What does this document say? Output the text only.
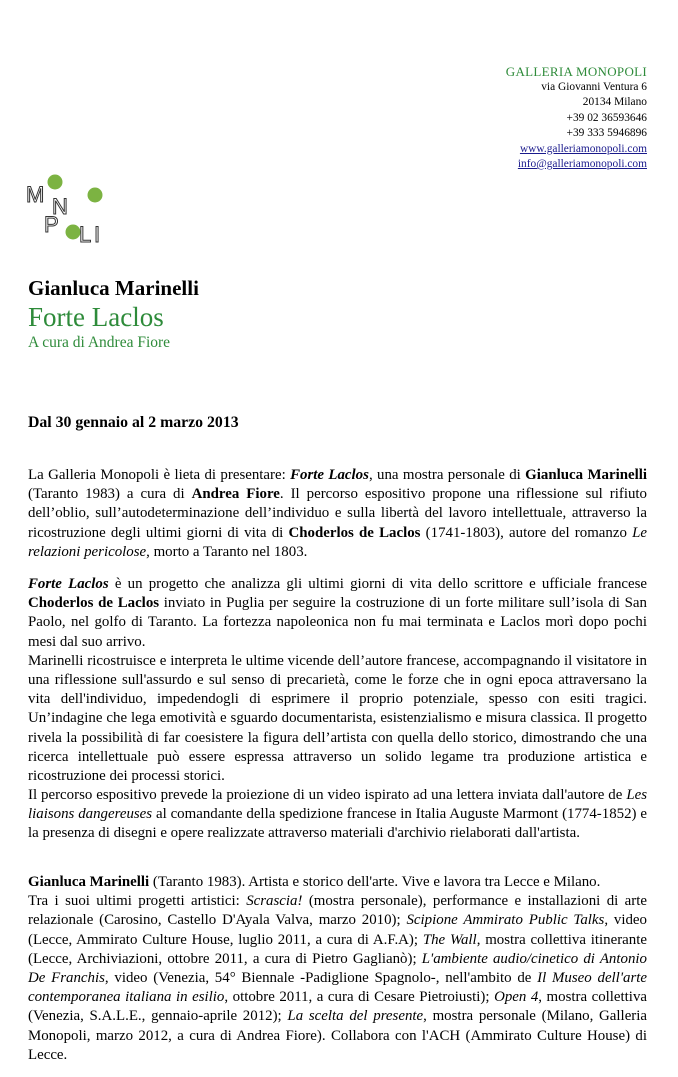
GALLERIA MONOPOLI
via Giovanni Ventura 6
20134 Milano
+39 02 36593646
+39 333 5946896
www.galleriamonopoli.com
info@galleriamonopoli.com
M N
P L I
Gianluca Marinelli
Forte Laclos
A cura di Andrea Fiore
Dal 30 gennaio al 2 marzo 2013

La Galleria Monopoli è lieta di presentare: Forte Laclos, una mostra personale di Gianluca Marinelli (Taranto 1983) a cura di Andrea Fiore. Il percorso espositivo propone una riflessione sul rifiuto dell’oblio, sull’autodeterminazione dell’individuo e sulla libertà del lavoro intellettuale, attraverso la ricostruzione degli ultimi giorni di vita di Choderlos de Laclos (1741-1803), autore del romanzo Le relazioni pericolose, morto a Taranto nel 1803.

Forte Laclos è un progetto che analizza gli ultimi giorni di vita dello scrittore e ufficiale francese Choderlos de Laclos inviato in Puglia per seguire la costruzione di un forte militare sull’isola di San Paolo, nel golfo di Taranto. La fortezza napoleonica non fu mai terminata e Laclos morì dopo pochi mesi dal suo arrivo.

Marinelli ricostruisce e interpreta le ultime vicende dell’autore francese, accompagnando il visitatore in una riflessione sull'assurdo e sul senso di precarietà, come le forze che in ogni epoca attraversano la vita dell'individuo, impedendogli di esprimere il proprio potenziale, spesso con esiti tragici. Un’indagine che lega emotività e sguardo documentarista, esistenzialismo e misura classica. Il progetto rivela la possibilità di far coesistere la figura dell’artista con quella dello storico, dimostrando che una ricerca intellettuale può essere espressa attraverso un solido legame tra produzione artistica e ricostruzione dei processi storici.

Il percorso espositivo prevede la proiezione di un video ispirato ad una lettera inviata dall'autore de Les liaisons dangereuses al comandante della spedizione francese in Italia Auguste Marmont (1774-1852) e la presenza di disegni e opere realizzate attraverso materiali d'archivio rielaborati dall'artista.

Gianluca Marinelli (Taranto 1983). Artista e storico dell'arte. Vive e lavora tra Lecce e Milano.

Tra i suoi ultimi progetti artistici: Scrascia! (mostra personale), performance e installazioni di arte relazionale (Carosino, Castello D'Ayala Valva, marzo 2010); Scipione Ammirato Public Talks, video (Lecce, Ammirato Culture House, luglio 2011, a cura di A.F.A); The Wall, mostra collettiva itinerante (Lecce, Archiviazioni, ottobre 2011, a cura di Pietro Gaglianò); L'ambiente audio/cinetico di Antonio De Franchis, video (Venezia, 54° Biennale -Padiglione Spagnolo-, nell'ambito de Il Museo dell'arte contemporanea italiana in esilio, ottobre 2011, a cura di Cesare Pietroiusti); Open 4, mostra collettiva (Venezia, S.A.L.E., gennaio-aprile 2012); La scelta del presente, mostra personale (Milano, Galleria Monopoli, marzo 2012, a cura di Andrea Fiore). Collabora con l'ACH (Ammirato Culture House) di Lecce.
